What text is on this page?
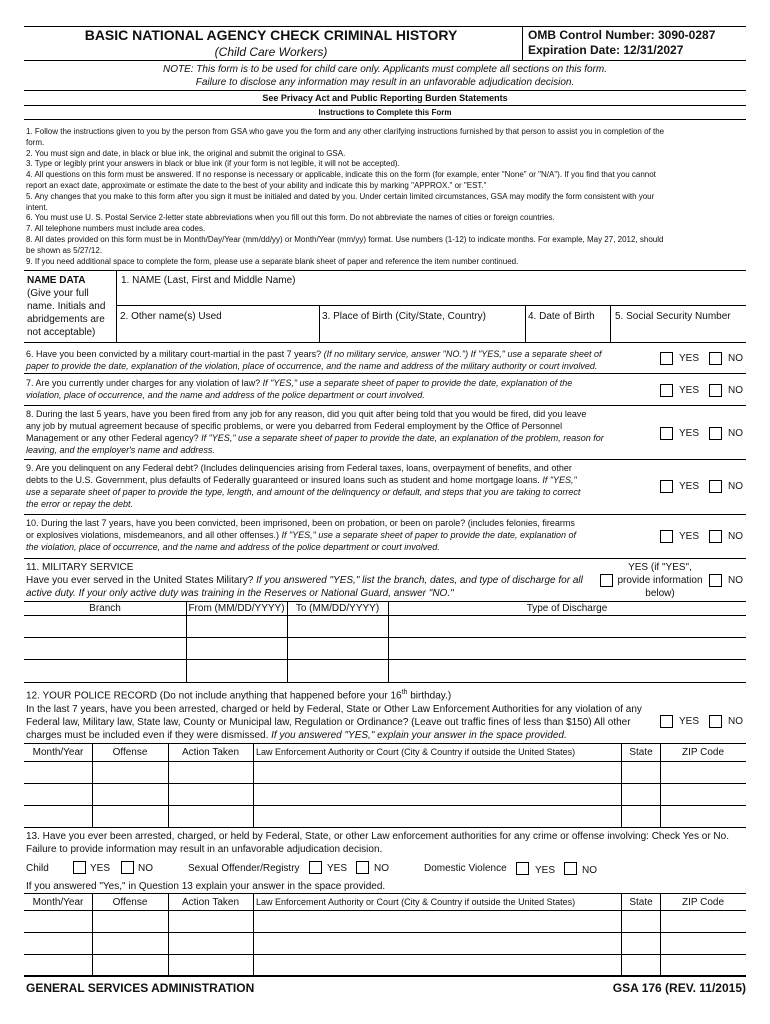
BASIC NATIONAL AGENCY CHECK CRIMINAL HISTORY
(Child Care Workers)
OMB Control Number: 3090-0287
Expiration Date: 12/31/2027
NOTE: This form is to be used for child care only. Applicants must complete all sections on this form.
Failure to disclose any information may result in an unfavorable adjudication decision.
See Privacy Act and Public Reporting Burden Statements
Instructions to Complete this Form
1. Follow the instructions given to you by the person from GSA who gave you the form and any other clarifying instructions furnished by that person to assist you in completion of the
form.
2. You must sign and date, in black or blue ink, the original and submit the original to GSA.
3. Type or legibly print your answers in black or blue ink (if your form is not legible, it will not be accepted).
4. All questions on this form must be answered. If no response is necessary or applicable, indicate this on the form (for example, enter "None" or "N/A"). If you find that you cannot
report an exact date, approximate or estimate the date to the best of your ability and indicate this by marking "APPROX." or "EST."
5. Any changes that you make to this form after you sign it must be initialed and dated by you. Under certain limited circumstances, GSA may modify the form consistent with your
intent.
6. You must use U. S. Postal Service 2-letter state abbreviations when you fill out this form. Do not abbreviate the names of cities or foreign countries.
7. All telephone numbers must include area codes.
8. All dates provided on this form must be in Month/Day/Year (mm/dd/yy) or Month/Year (mm/yy) format. Use numbers (1-12) to indicate months. For example, May 27, 2012, should
be shown as 5/27/12.
9. If you need additional space to complete the form, please use a separate blank sheet of paper and reference the item number continued.
NAME DATA
(Give your full
name. Initials and
abridgements are
not acceptable)
1. NAME (Last, First and Middle Name)
2. Other name(s) Used	3. Place of Birth (City/State, Country)	4. Date of Birth 5. Social Security Number
6. Have you been convicted by a military court-martial in the past 7 years? (If no military service, answer "NO.") If "YES," use a separate sheet of
paper to provide the date, explanation of the violation, place of occurrence, and the name and address of the military authority or court involved.
YES	NO
7. Are you currently under charges for any violation of law? If "YES," use a separate sheet of paper to provide the date, explanation of the
violation, place of occurrence, and the name and address of the police department or court involved.	YES	NO
8. During the last 5 years, have you been fired from any job for any reason, did you quit after being told that you would be fired, did you leave
any job by mutual agreement because of specific problems, or were you debarred from Federal employment by the Office of Personnel
Management or any other Federal agency? If "YES," use a separate sheet of paper to provide the date, an explanation of the problem, reason for
leaving, and the employer's name and address.
YES	NO
9. Are you delinquent on any Federal debt? (Includes delinquencies arising from Federal taxes, loans, overpayment of benefits, and other
debts to the U.S. Government, plus defaults of Federally guaranteed or insured loans such as student and home mortgage loans. If "YES,"
use a separate sheet of paper to provide the type, length, and amount of the delinquency or default, and steps that you are taking to correct
the error or repay the debt.
YES	NO
10. During the last 7 years, have you been convicted, been imprisoned, been on probation, or been on parole? (includes felonies, firearms
or explosives violations, misdemeanors, and all other offenses.) If "YES," use a separate sheet of paper to provide the date, explanation of
the violation, place of occurrence, and the name and address of the police department or court involved.
YES	NO
11. MILITARY SERVICE
Have you ever served in the United States Military? If you answered "YES," list the branch, dates, and type of discharge for all
active duty. If your only active duty was training in the Reserves or National Guard, answer "NO."
YES (if "YES",
provide information
below)
NO
Branch	From (MM/DD/YYYY)	To (MM/DD/YYYY)	Type of Discharge
12. YOUR POLICE RECORD (Do not include anything that happened before your 16th birthday.)
In the last 7 years, have you been arrested, charged or held by Federal, State or Other Law Enforcement Authorities for any violation of any
Federal law, Military law, State law, County or Municipal law, Regulation or Ordinance? (Leave out traffic fines of less than $150) All other
charges must be included even if they were dismissed. If you answered "YES," explain your answer in the space provided.
YES	NO
Month/Year	Offense	Action Taken	Law Enforcement Authority or Court (City & Country if outside the United States)	State	ZIP Code
13. Have you ever been arrested, charged, or held by Federal, State, or other Law enforcement authorities for any crime or offense involving: Check Yes or No.
Failure to provide information may result in an unfavorable adjudication decision.
Child	YES	NO	Sexual Offender/Registry	YES	NO	Domestic Violence	YES	NO
If you answered "Yes," in Question 13 explain your answer in the space provided.
Month/Year	Offense	Action Taken	Law Enforcement Authority or Court (City & Country if outside the United States)	State	ZIP Code
GENERAL SERVICES ADMINISTRATION	GSA 176 (REV. 11/2015)
